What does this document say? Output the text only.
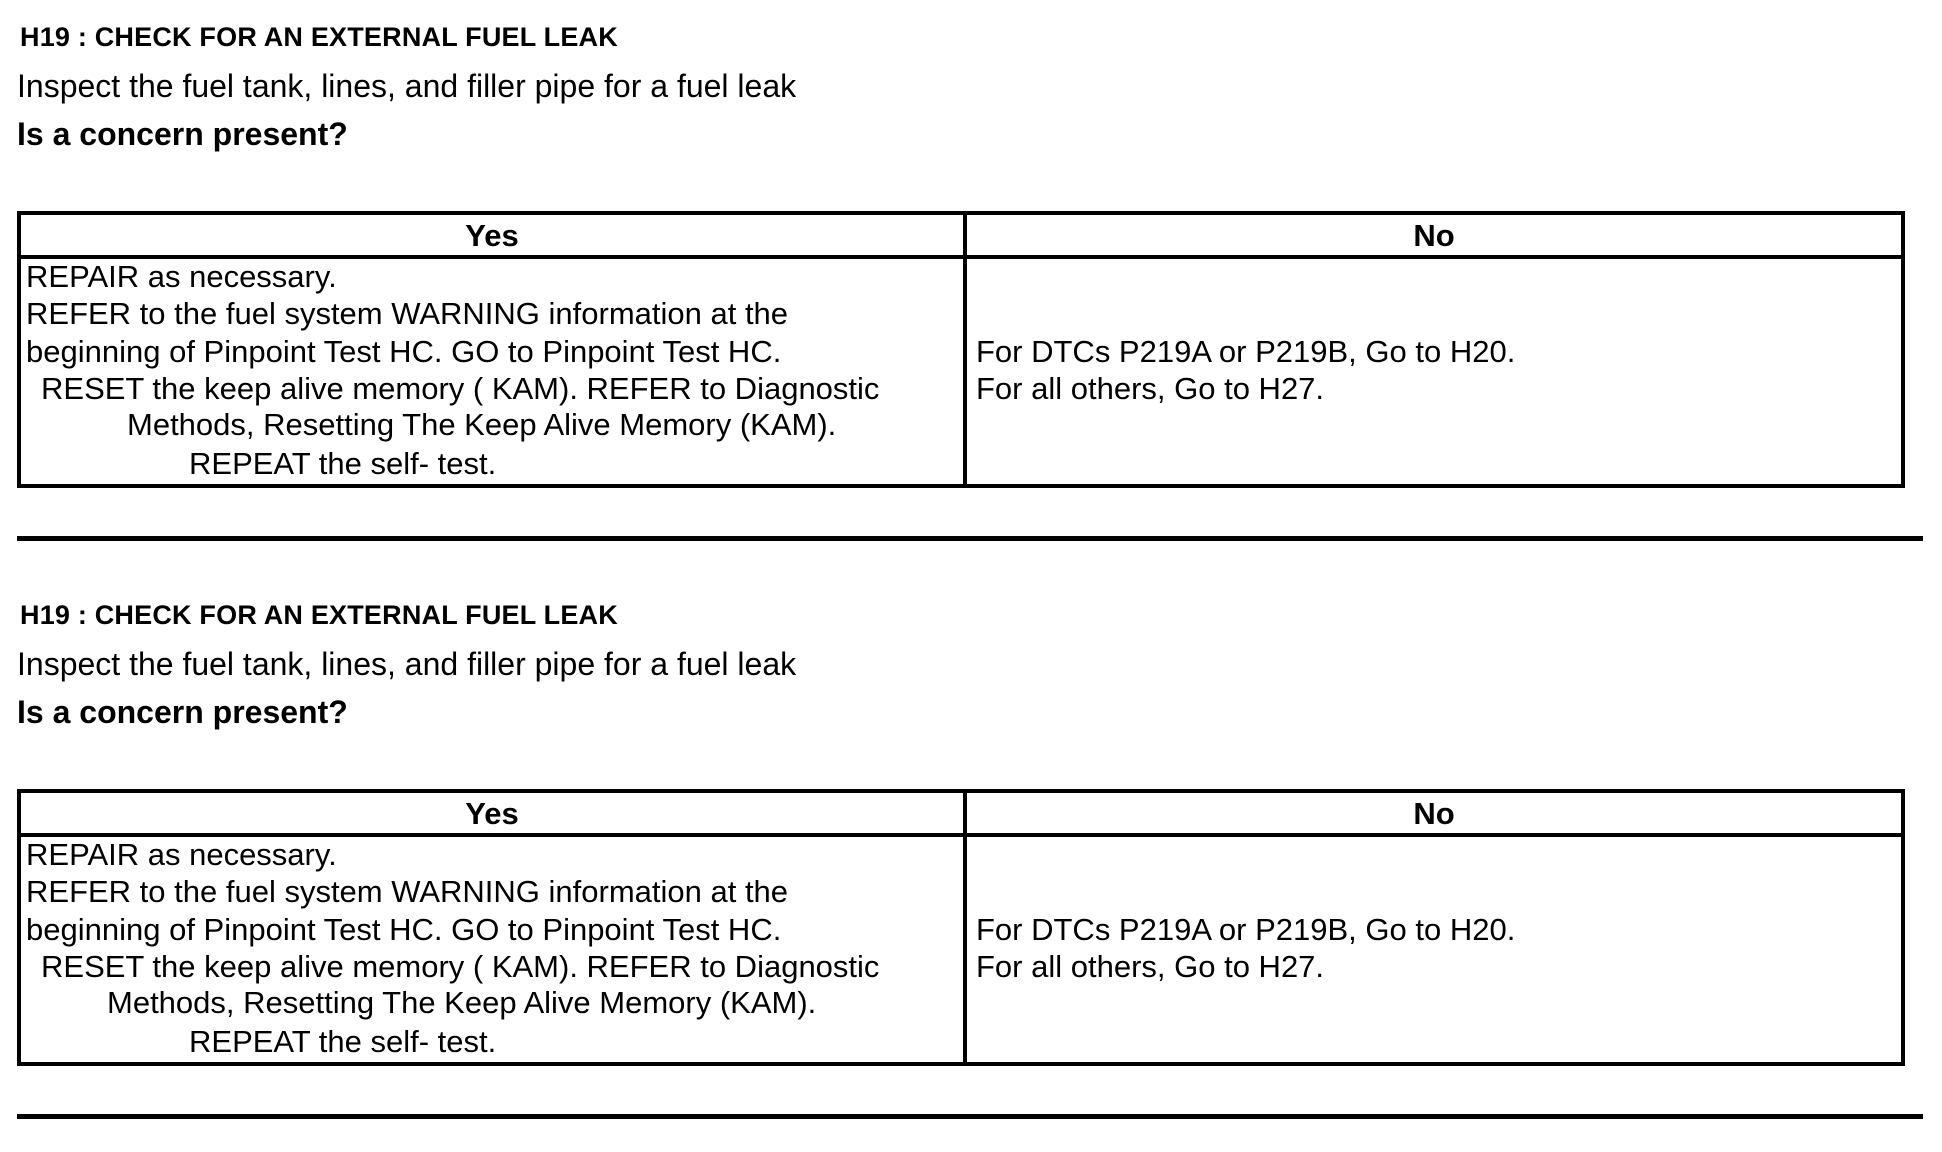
H19 : CHECK FOR AN EXTERNAL FUEL LEAK
Inspect the fuel tank, lines, and filler pipe for a fuel leak
Is a concern present?
Yes	No
REPAIR as necessary.
REFER to the fuel system WARNING information at the
beginning of Pinpoint Test HC. GO to Pinpoint Test HC.
RESET the keep alive memory ( KAM). REFER to Diagnostic
Methods, Resetting The Keep Alive Memory (KAM).
REPEAT the self- test.
For DTCs P219A or P219B, Go to H20.
For all others, Go to H27.
H19 : CHECK FOR AN EXTERNAL FUEL LEAK
Inspect the fuel tank, lines, and filler pipe for a fuel leak
Is a concern present?
Yes	No
REPAIR as necessary.
REFER to the fuel system WARNING information at the
beginning of Pinpoint Test HC. GO to Pinpoint Test HC.
RESET the keep alive memory ( KAM). REFER to Diagnostic
Methods, Resetting The Keep Alive Memory (KAM).
REPEAT the self- test.
For DTCs P219A or P219B, Go to H20.
For all others, Go to H27.
